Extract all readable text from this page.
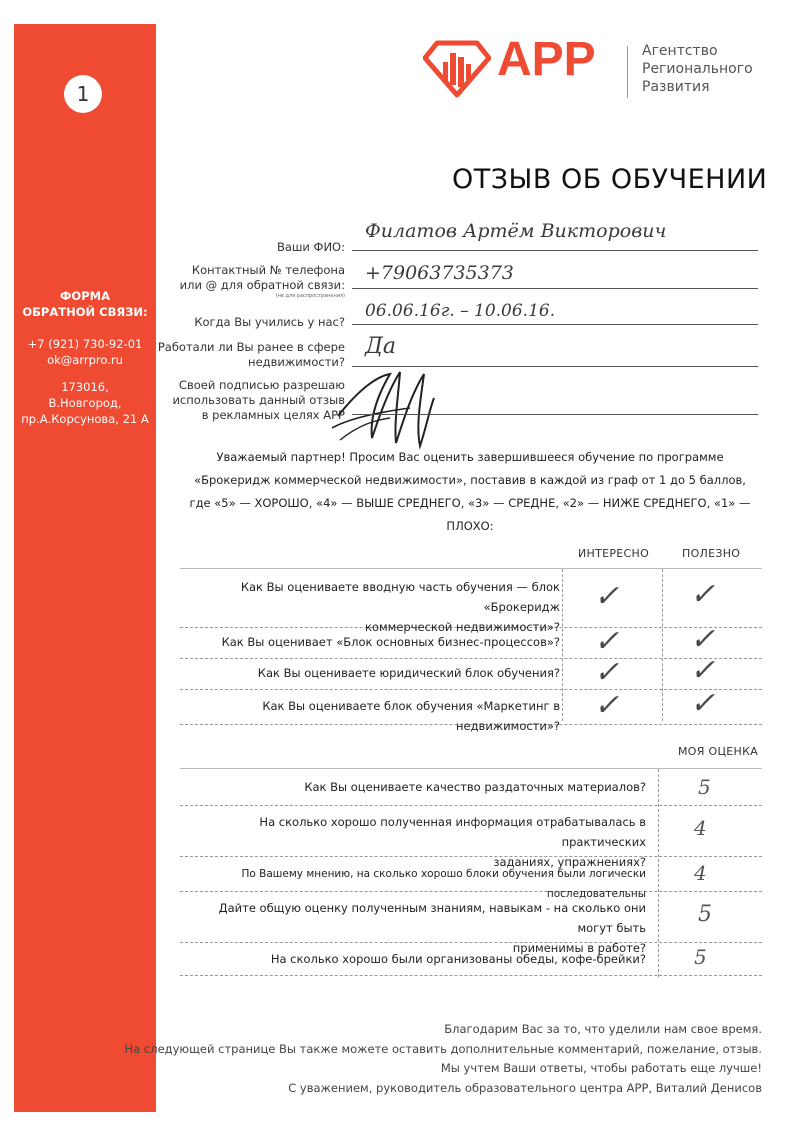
1
ФОРМА
ОБРАТНОЙ СВЯЗИ:
+7 (921) 730-92-01
ok@arrpro.ru
173016,
В.Новгород,
пр.А.Корсунова, 21 А
АРР	Агентство
Регионального
Развития
ОТЗЫВ ОБ ОБУЧЕНИИ
Ваши ФИО:
Филатов Артём Викторович
Контактный № телефона
или @ для обратной связи:
(не для распространения)
+79063735373
Когда Вы учились у нас?
06.06.16г. – 10.06.16.
Работали ли Вы ранее в сфере
недвижимости?
Да
Своей подписью разрешаю
использовать данный отзыв
в рекламных целях АРР
Уважаемый партнер! Просим Вас оценить завершившееся обучение по программе
«Брокеридж коммерческой недвижимости», поставив в каждой из граф от 1 до 5 баллов,
где «5» — ХОРОШО, «4» — ВЫШЕ СРЕДНЕГО, «3» — СРЕДНЕ, «2» — НИЖЕ СРЕДНЕГО, «1» — ПЛОХО:
ИНТЕРЕСНО	ПОЛЕЗНО
Как Вы оцениваете вводную часть обучения — блок «Брокеридж
коммерческой недвижимости»?
✓ ✓
Как Вы оценивает «Блок основных бизнес-процессов»? ✓ ✓
Как Вы оцениваете юридический блок обучения? ✓ ✓
Как Вы оцениваете блок обучения «Маркетинг в недвижимости»?
✓ ✓
МОЯ ОЦЕНКА
Как Вы оцениваете качество раздаточных материалов?	5
На сколько хорошо полученная информация отрабатывалась в практических
заданиях, упражнениях?
4
По Вашему мнению, на сколько хорошо блоки обучения были логически последовательны
4
Дайте общую оценку полученным знаниям, навыкам - на сколько они могут быть
применимы в работе?
5
На сколько хорошо были организованы обеды, кофе-брейки? 5
Благодарим Вас за то, что уделили нам свое время.
На следующей страницe Вы также можете оставить дополнительные комментарий, пожелание, отзыв.
Мы учтем Ваши ответы, чтобы работать еще лучше!
С уважением, руководитель образовательного центра АРР, Виталий Денисов
